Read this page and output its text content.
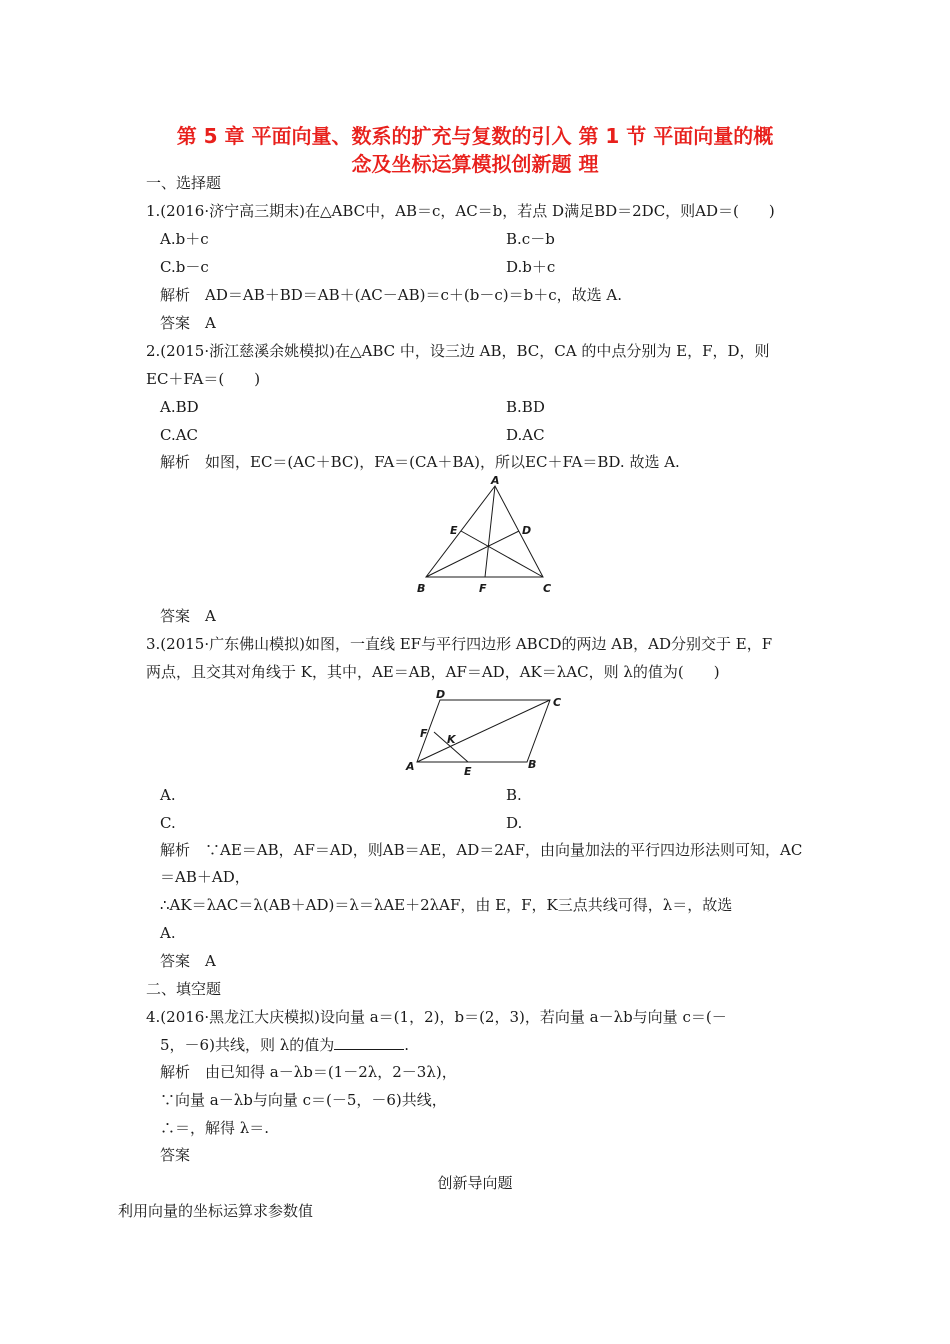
第 5 章 平面向量、数系的扩充与复数的引入 第 1 节 平面向量的概
念及坐标运算模拟创新题 理
一、选择题
1.(2016·济宁高三期末)在△ABC中，AB＝c，AC＝b，若点 D满足BD＝2DC，则AD＝(　　)
A.b＋c	B.c－b
C.b－c	D.b＋c
解析　AD＝AB＋BD＝AB＋(AC－AB)＝c＋(b－c)＝b＋c，故选 A.
答案　A
2.(2015·浙江慈溪余姚模拟)在△ABC 中，设三边 AB，BC，CA 的中点分别为 E，F，D，则
EC＋FA＝(　　)
A.BD	B.BD
C.AC	D.AC
解析　如图，EC＝(AC＋BC)，FA＝(CA＋BA)，所以EC＋FA＝BD. 故选 A.
A
B	C
D
E
F
答案　A
3.(2015·广东佛山模拟)如图，一直线 EF与平行四边形 ABCD的两边 AB，AD分别交于 E，F
两点，且交其对角线于 K，其中，AE＝AB，AF＝AD，AK＝λAC，则 λ的值为(　　)
D
C
F K
A	E
B
A.	B.
C.	D.
解析　∵AE＝AB，AF＝AD，则AB＝AE，AD＝2AF，由向量加法的平行四边形法则可知，AC
＝AB＋AD，
∴AK＝λAC＝λ(AB＋AD)＝λ＝λAE＋2λAF，由 E，F，K三点共线可得，λ＝，故选
A.
答案　A
二、填空题
4.(2016·黑龙江大庆模拟)设向量 a＝(1，2)，b＝(2，3)，若向量 a－λb与向量 c＝(－
5，－6)共线，则 λ的值为	.
解析　由已知得 a－λb＝(1－2λ，2－3λ)，
∵向量 a－λb与向量 c＝(－5，－6)共线，
∴＝，解得 λ＝.
答案
创新导向题
利用向量的坐标运算求参数值
